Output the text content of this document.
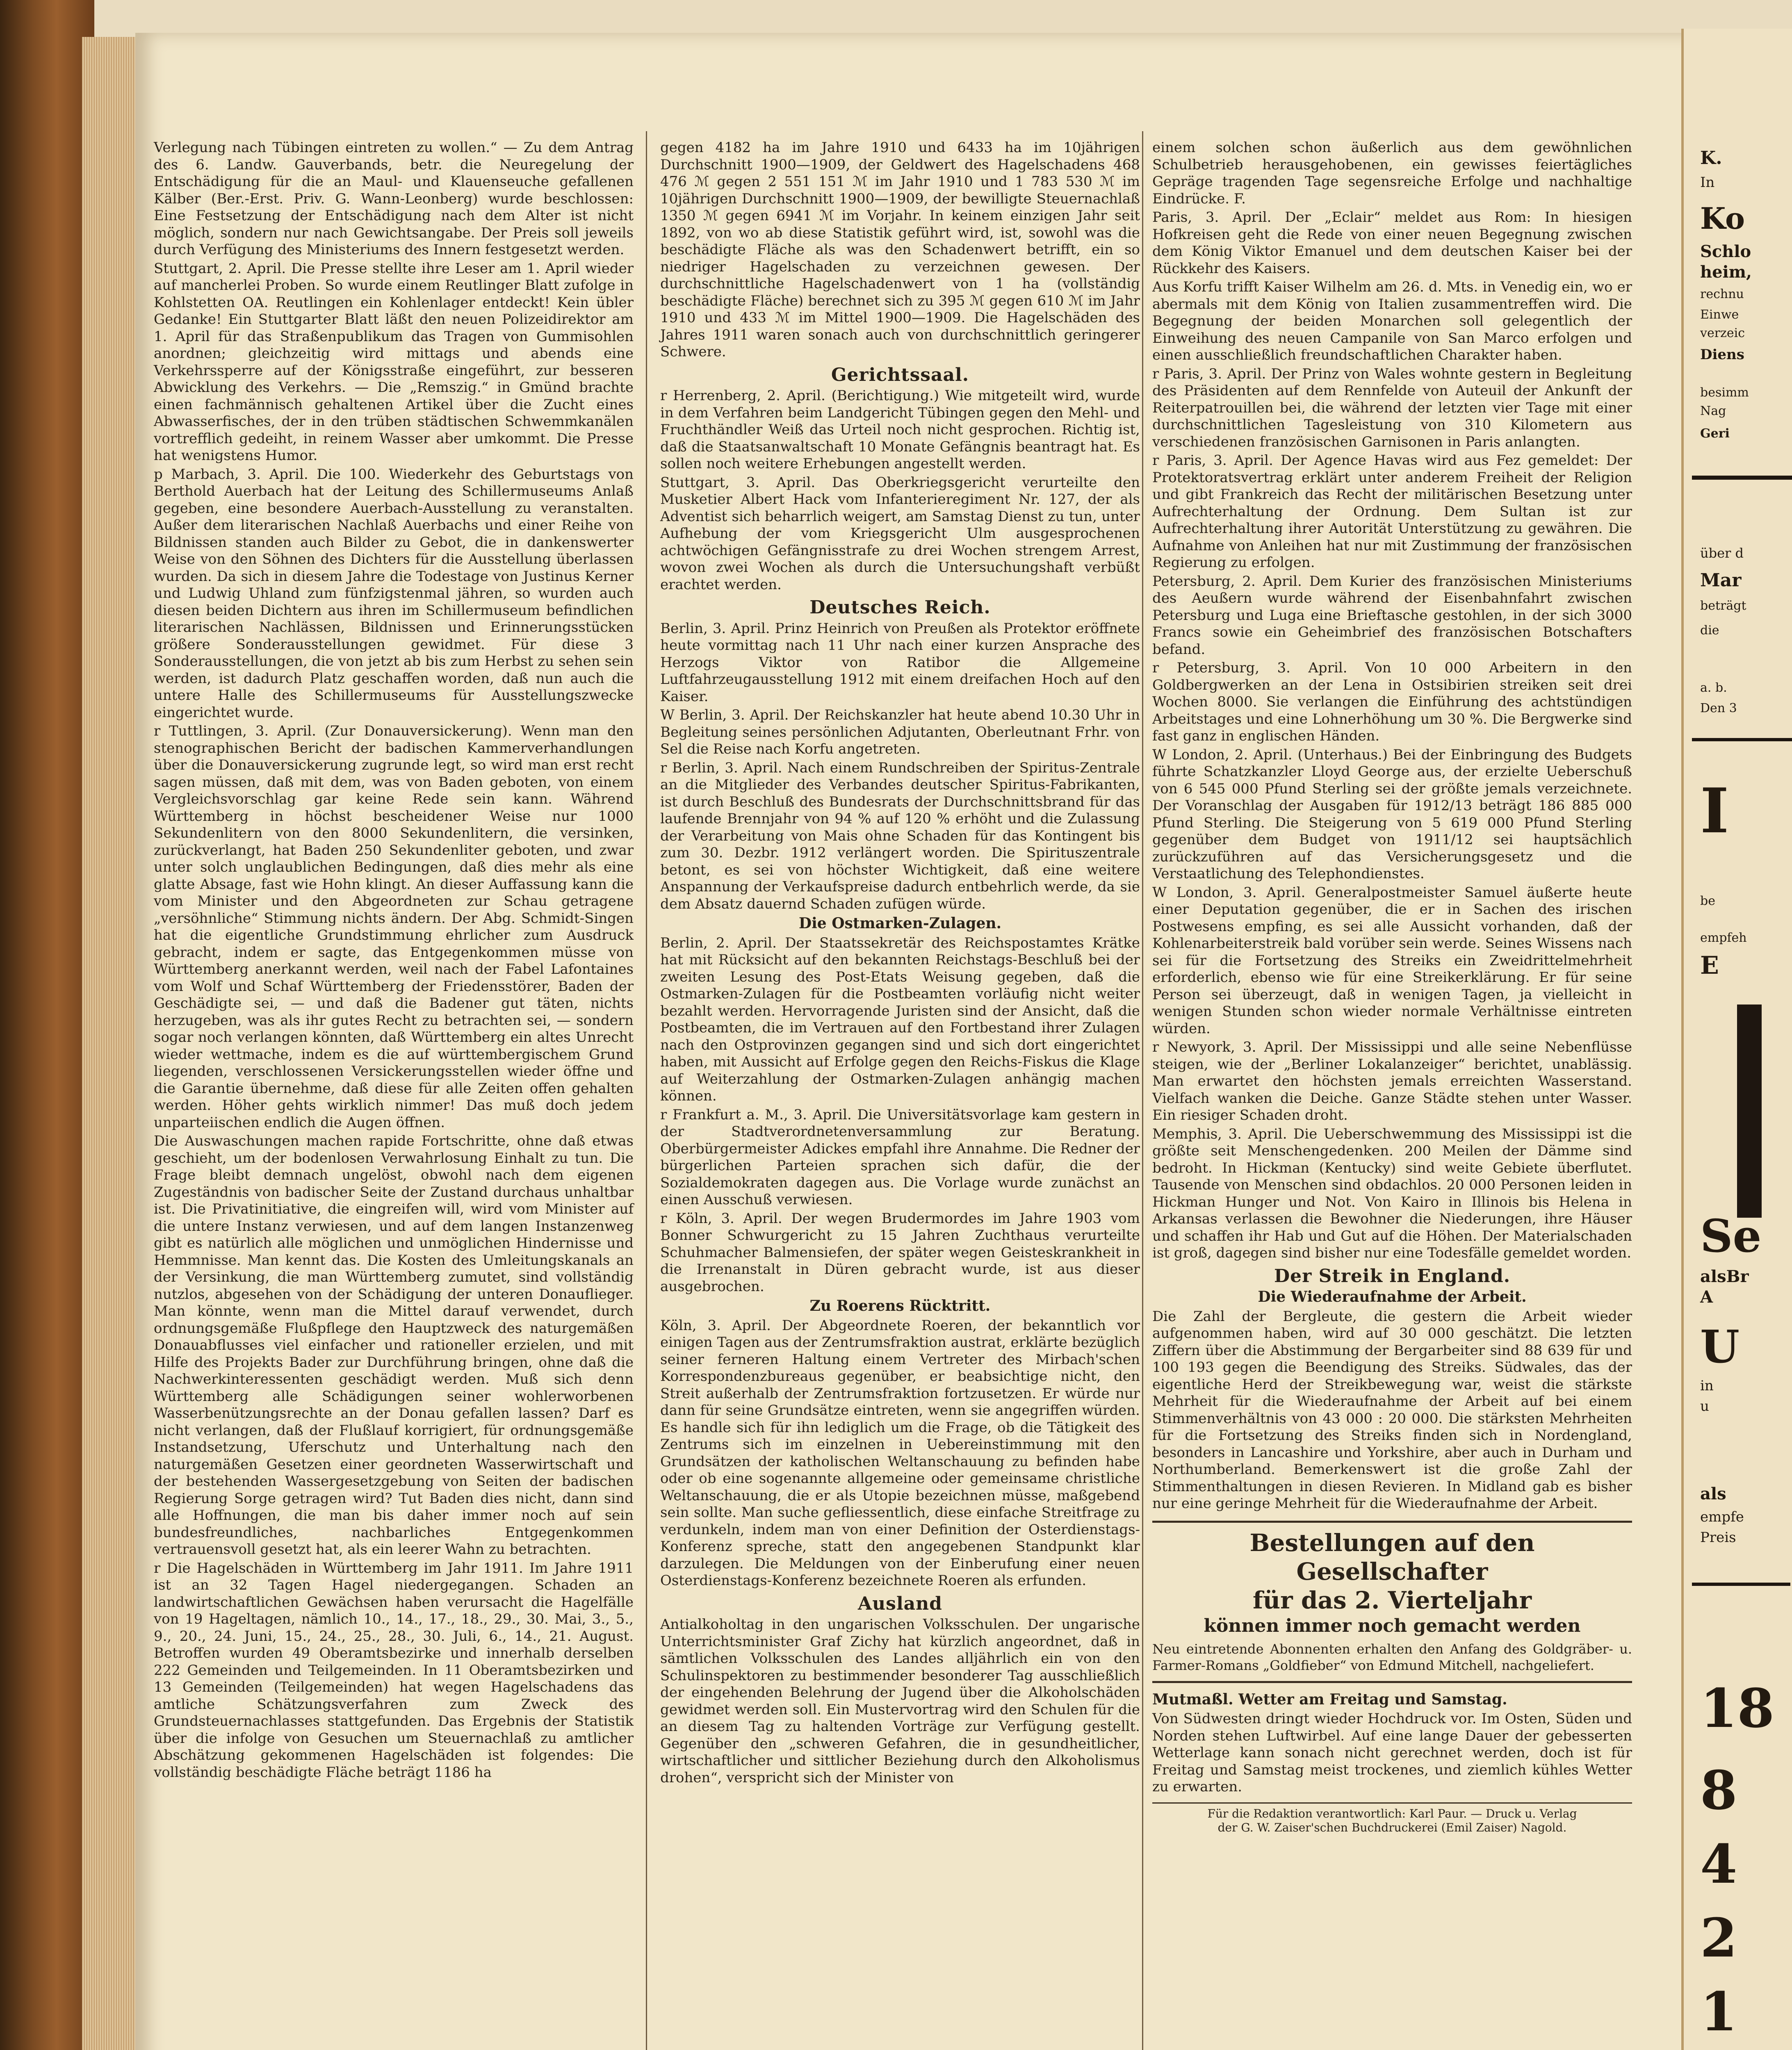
Verlegung nach Tübingen eintreten zu wollen.“ — Zu dem Antrag des 6. Landw. Gauverbands, betr. die Neuregelung der Entschädigung für die an Maul- und Klauenseuche gefallenen Kälber (Ber.-Erst. Priv. G. Wann-Leonberg) wurde beschlossen: Eine Festsetzung der Entschädigung nach dem Alter ist nicht möglich, sondern nur nach Gewichtsangabe. Der Preis soll jeweils durch Verfügung des Ministeriums des Innern festgesetzt werden.

Stuttgart, 2. April. Die Presse stellte ihre Leser am 1. April wieder auf mancherlei Proben. So wurde einem Reutlinger Blatt zufolge in Kohlstetten OA. Reutlingen ein Kohlenlager entdeckt! Kein übler Gedanke! Ein Stuttgarter Blatt läßt den neuen Polizeidirektor am 1. April für das Straßenpublikum das Tragen von Gummisohlen anordnen; gleichzeitig wird mittags und abends eine Verkehrssperre auf der Königsstraße eingeführt, zur besseren Abwicklung des Verkehrs. — Die „Remszig.“ in Gmünd brachte einen fachmännisch gehaltenen Artikel über die Zucht eines Abwasserfisches, der in den trüben städtischen Schwemmkanälen vortrefflich gedeiht, in reinem Wasser aber umkommt. Die Presse hat wenigstens Humor.

p Marbach, 3. April. Die 100. Wiederkehr des Geburtstags von Berthold Auerbach hat der Leitung des Schillermuseums Anlaß gegeben, eine besondere Auerbach-Ausstellung zu veranstalten. Außer dem literarischen Nachlaß Auerbachs und einer Reihe von Bildnissen standen auch Bilder zu Gebot, die in dankenswerter Weise von den Söhnen des Dichters für die Ausstellung überlassen wurden. Da sich in diesem Jahre die Todestage von Justinus Kerner und Ludwig Uhland zum fünfzigstenmal jähren, so wurden auch diesen beiden Dichtern aus ihren im Schillermuseum befindlichen literarischen Nachlässen, Bildnissen und Erinnerungsstücken größere Sonderausstellungen gewidmet. Für diese 3 Sonderausstellungen, die von jetzt ab bis zum Herbst zu sehen sein werden, ist dadurch Platz geschaffen worden, daß nun auch die untere Halle des Schillermuseums für Ausstellungszwecke eingerichtet wurde.

r Tuttlingen, 3. April. (Zur Donauversickerung). Wenn man den stenographischen Bericht der badischen Kammerverhandlungen über die Donauversickerung zugrunde legt, so wird man erst recht sagen müssen, daß mit dem, was von Baden geboten, von einem Vergleichsvorschlag gar keine Rede sein kann. Während Württemberg in höchst bescheidener Weise nur 1000 Sekundenlitern von den 8000 Sekundenlitern, die versinken, zurückverlangt, hat Baden 250 Sekundenliter geboten, und zwar unter solch unglaublichen Bedingungen, daß dies mehr als eine glatte Absage, fast wie Hohn klingt. An dieser Auffassung kann die vom Minister und den Abgeordneten zur Schau getragene „versöhnliche“ Stimmung nichts ändern. Der Abg. Schmidt-Singen hat die eigentliche Grundstimmung ehrlicher zum Ausdruck gebracht, indem er sagte, das Entgegenkommen müsse von Württemberg anerkannt werden, weil nach der Fabel Lafontaines vom Wolf und Schaf Württemberg der Friedensstörer, Baden der Geschädigte sei, — und daß die Badener gut täten, nichts herzugeben, was als ihr gutes Recht zu betrachten sei, — sondern sogar noch verlangen könnten, daß Württemberg ein altes Unrecht wieder wettmache, indem es die auf württembergischem Grund liegenden, verschlossenen Versickerungsstellen wieder öffne und die Garantie übernehme, daß diese für alle Zeiten offen gehalten werden. Höher gehts wirklich nimmer! Das muß doch jedem unparteiischen endlich die Augen öffnen.

Die Auswaschungen machen rapide Fortschritte, ohne daß etwas geschieht, um der bodenlosen Verwahrlosung Einhalt zu tun. Die Frage bleibt demnach ungelöst, obwohl nach dem eigenen Zugeständnis von badischer Seite der Zustand durchaus unhaltbar ist. Die Privatinitiative, die eingreifen will, wird vom Minister auf die untere Instanz verwiesen, und auf dem langen Instanzenweg gibt es natürlich alle möglichen und unmöglichen Hindernisse und Hemmnisse. Man kennt das. Die Kosten des Umleitungskanals an der Versinkung, die man Württemberg zumutet, sind vollständig nutzlos, abgesehen von der Schädigung der unteren Donauflieger. Man könnte, wenn man die Mittel darauf verwendet, durch ordnungsgemäße Flußpflege den Hauptzweck des naturgemäßen Donauabflusses viel einfacher und rationeller erzielen, und mit Hilfe des Projekts Bader zur Durchführung bringen, ohne daß die Nachwerkinteressenten geschädigt werden. Muß sich denn Württemberg alle Schädigungen seiner wohlerworbenen Wasserbenützungsrechte an der Donau gefallen lassen? Darf es nicht verlangen, daß der Flußlauf korrigiert, für ordnungsgemäße Instandsetzung, Uferschutz und Unterhaltung nach den naturgemäßen Gesetzen einer geordneten Wasserwirtschaft und der bestehenden Wassergesetzgebung von Seiten der badischen Regierung Sorge getragen wird? Tut Baden dies nicht, dann sind alle Hoffnungen, die man bis daher immer noch auf sein bundesfreundliches, nachbarliches Entgegenkommen vertrauensvoll gesetzt hat, als ein leerer Wahn zu betrachten.

r Die Hagelschäden in Württemberg im Jahr 1911. Im Jahre 1911 ist an 32 Tagen Hagel niedergegangen. Schaden an landwirtschaftlichen Gewächsen haben verursacht die Hagelfälle von 19 Hageltagen, nämlich 10., 14., 17., 18., 29., 30. Mai, 3., 5., 9., 20., 24. Juni, 15., 24., 25., 28., 30. Juli, 6., 14., 21. August. Betroffen wurden 49 Oberamtsbezirke und innerhalb derselben 222 Gemeinden und Teilgemeinden. In 11 Oberamtsbezirken und 13 Gemeinden (Teilgemeinden) hat wegen Hagelschadens das amtliche Schätzungsverfahren zum Zweck des Grundsteuernachlasses stattgefunden. Das Ergebnis der Statistik über die infolge von Gesuchen um Steuernachlaß zu amtlicher Abschätzung gekommenen Hagelschäden ist folgendes: Die vollständig beschädigte Fläche beträgt 1186 ha

gegen 4182 ha im Jahre 1910 und 6433 ha im 10jährigen Durchschnitt 1900—1909, der Geldwert des Hagelschadens 468 476 ℳ gegen 2 551 151 ℳ im Jahr 1910 und 1 783 530 ℳ im 10jährigen Durchschnitt 1900—1909, der bewilligte Steuernachlaß 1350 ℳ gegen 6941 ℳ im Vorjahr. In keinem einzigen Jahr seit 1892, von wo ab diese Statistik geführt wird, ist, sowohl was die beschädigte Fläche als was den Schadenwert betrifft, ein so niedriger Hagelschaden zu verzeichnen gewesen. Der durchschnittliche Hagelschadenwert von 1 ha (vollständig beschädigte Fläche) berechnet sich zu 395 ℳ gegen 610 ℳ im Jahr 1910 und 433 ℳ im Mittel 1900—1909. Die Hagelschäden des Jahres 1911 waren sonach auch von durchschnittlich geringerer Schwere.

Gerichtssaal.

r Herrenberg, 2. April. (Berichtigung.) Wie mitgeteilt wird, wurde in dem Verfahren beim Landgericht Tübingen gegen den Mehl- und Fruchthändler Weiß das Urteil noch nicht gesprochen. Richtig ist, daß die Staatsanwaltschaft 10 Monate Gefängnis beantragt hat. Es sollen noch weitere Erhebungen angestellt werden.

Stuttgart, 3. April. Das Oberkriegsgericht verurteilte den Musketier Albert Hack vom Infanterieregiment Nr. 127, der als Adventist sich beharrlich weigert, am Samstag Dienst zu tun, unter Aufhebung der vom Kriegsgericht Ulm ausgesprochenen achtwöchigen Gefängnisstrafe zu drei Wochen strengem Arrest, wovon zwei Wochen als durch die Untersuchungshaft verbüßt erachtet werden.

Deutsches Reich.

Berlin, 3. April. Prinz Heinrich von Preußen als Protektor eröffnete heute vormittag nach 11 Uhr nach einer kurzen Ansprache des Herzogs Viktor von Ratibor die Allgemeine Luftfahrzeugausstellung 1912 mit einem dreifachen Hoch auf den Kaiser.

W Berlin, 3. April. Der Reichskanzler hat heute abend 10.30 Uhr in Begleitung seines persönlichen Adjutanten, Oberleutnant Frhr. von Sel die Reise nach Korfu angetreten.

r Berlin, 3. April. Nach einem Rundschreiben der Spiritus-Zentrale an die Mitglieder des Verbandes deutscher Spiritus-Fabrikanten, ist durch Beschluß des Bundesrats der Durchschnittsbrand für das laufende Brennjahr von 94 % auf 120 % erhöht und die Zulassung der Verarbeitung von Mais ohne Schaden für das Kontingent bis zum 30. Dezbr. 1912 verlängert worden. Die Spirituszentrale betont, es sei von höchster Wichtigkeit, daß eine weitere Anspannung der Verkaufspreise dadurch entbehrlich werde, da sie dem Absatz dauernd Schaden zufügen würde.

Die Ostmarken-Zulagen.

Berlin, 2. April. Der Staatssekretär des Reichspostamtes Krätke hat mit Rücksicht auf den bekannten Reichstags-Beschluß bei der zweiten Lesung des Post-Etats Weisung gegeben, daß die Ostmarken-Zulagen für die Postbeamten vorläufig nicht weiter bezahlt werden. Hervorragende Juristen sind der Ansicht, daß die Postbeamten, die im Vertrauen auf den Fortbestand ihrer Zulagen nach den Ostprovinzen gegangen sind und sich dort eingerichtet haben, mit Aussicht auf Erfolge gegen den Reichs-Fiskus die Klage auf Weiterzahlung der Ostmarken-Zulagen anhängig machen können.

r Frankfurt a. M., 3. April. Die Universitätsvorlage kam gestern in der Stadtverordnetenversammlung zur Beratung. Oberbürgermeister Adickes empfahl ihre Annahme. Die Redner der bürgerlichen Parteien sprachen sich dafür, die der Sozialdemokraten dagegen aus. Die Vorlage wurde zunächst an einen Ausschuß verwiesen.

r Köln, 3. April. Der wegen Brudermordes im Jahre 1903 vom Bonner Schwurgericht zu 15 Jahren Zuchthaus verurteilte Schuhmacher Balmensiefen, der später wegen Geisteskrankheit in die Irrenanstalt in Düren gebracht wurde, ist aus dieser ausgebrochen.

Zu Roerens Rücktritt.

Köln, 3. April. Der Abgeordnete Roeren, der bekanntlich vor einigen Tagen aus der Zentrumsfraktion austrat, erklärte bezüglich seiner ferneren Haltung einem Vertreter des Mirbach'schen Korrespondenzbureaus gegenüber, er beabsichtige nicht, den Streit außerhalb der Zentrumsfraktion fortzusetzen. Er würde nur dann für seine Grundsätze eintreten, wenn sie angegriffen würden. Es handle sich für ihn lediglich um die Frage, ob die Tätigkeit des Zentrums sich im einzelnen in Uebereinstimmung mit den Grundsätzen der katholischen Weltanschauung zu befinden habe oder ob eine sogenannte allgemeine oder gemeinsame christliche Weltanschauung, die er als Utopie bezeichnen müsse, maßgebend sein sollte. Man suche gefliessentlich, diese einfache Streitfrage zu verdunkeln, indem man von einer Definition der Osterdienstags-Konferenz spreche, statt den angegebenen Standpunkt klar darzulegen. Die Meldungen von der Einberufung einer neuen Osterdienstags-Konferenz bezeichnete Roeren als erfunden.

Ausland

Antialkoholtag in den ungarischen Volksschulen. Der ungarische Unterrichtsminister Graf Zichy hat kürzlich angeordnet, daß in sämtlichen Volksschulen des Landes alljährlich ein von den Schulinspektoren zu bestimmender besonderer Tag ausschließlich der eingehenden Belehrung der Jugend über die Alkoholschäden gewidmet werden soll. Ein Mustervortrag wird den Schulen für die an diesem Tag zu haltenden Vorträge zur Verfügung gestellt. Gegenüber den „schweren Gefahren, die in gesundheitlicher, wirtschaftlicher und sittlicher Beziehung durch den Alkoholismus drohen“, verspricht sich der Minister von

einem solchen schon äußerlich aus dem gewöhnlichen Schulbetrieb herausgehobenen, ein gewisses feiertägliches Gepräge tragenden Tage segensreiche Erfolge und nachhaltige Eindrücke. F.

Paris, 3. April. Der „Eclair“ meldet aus Rom: In hiesigen Hofkreisen geht die Rede von einer neuen Begegnung zwischen dem König Viktor Emanuel und dem deutschen Kaiser bei der Rückkehr des Kaisers.

Aus Korfu trifft Kaiser Wilhelm am 26. d. Mts. in Venedig ein, wo er abermals mit dem König von Italien zusammentreffen wird. Die Begegnung der beiden Monarchen soll gelegentlich der Einweihung des neuen Campanile von San Marco erfolgen und einen ausschließlich freundschaftlichen Charakter haben.

r Paris, 3. April. Der Prinz von Wales wohnte gestern in Begleitung des Präsidenten auf dem Rennfelde von Auteuil der Ankunft der Reiterpatrouillen bei, die während der letzten vier Tage mit einer durchschnittlichen Tagesleistung von 310 Kilometern aus verschiedenen französischen Garnisonen in Paris anlangten.

r Paris, 3. April. Der Agence Havas wird aus Fez gemeldet: Der Protektoratsvertrag erklärt unter anderem Freiheit der Religion und gibt Frankreich das Recht der militärischen Besetzung unter Aufrechterhaltung der Ordnung. Dem Sultan ist zur Aufrechterhaltung ihrer Autorität Unterstützung zu gewähren. Die Aufnahme von Anleihen hat nur mit Zustimmung der französischen Regierung zu erfolgen.

Petersburg, 2. April. Dem Kurier des französischen Ministeriums des Aeußern wurde während der Eisenbahnfahrt zwischen Petersburg und Luga eine Brieftasche gestohlen, in der sich 3000 Francs sowie ein Geheimbrief des französischen Botschafters befand.

r Petersburg, 3. April. Von 10 000 Arbeitern in den Goldbergwerken an der Lena in Ostsibirien streiken seit drei Wochen 8000. Sie verlangen die Einführung des achtstündigen Arbeitstages und eine Lohnerhöhung um 30 %. Die Bergwerke sind fast ganz in englischen Händen.

W London, 2. April. (Unterhaus.) Bei der Einbringung des Budgets führte Schatzkanzler Lloyd George aus, der erzielte Ueberschuß von 6 545 000 Pfund Sterling sei der größte jemals verzeichnete. Der Voranschlag der Ausgaben für 1912/13 beträgt 186 885 000 Pfund Sterling. Die Steigerung von 5 619 000 Pfund Sterling gegenüber dem Budget von 1911/12 sei hauptsächlich zurückzuführen auf das Versicherungsgesetz und die Verstaatlichung des Telephondienstes.

W London, 3. April. Generalpostmeister Samuel äußerte heute einer Deputation gegenüber, die er in Sachen des irischen Postwesens empfing, es sei alle Aussicht vorhanden, daß der Kohlenarbeiterstreik bald vorüber sein werde. Seines Wissens nach sei für die Fortsetzung des Streiks ein Zweidrittelmehrheit erforderlich, ebenso wie für eine Streikerklärung. Er für seine Person sei überzeugt, daß in wenigen Tagen, ja vielleicht in wenigen Stunden schon wieder normale Verhältnisse eintreten würden.

r Newyork, 3. April. Der Mississippi und alle seine Nebenflüsse steigen, wie der „Berliner Lokalanzeiger“ berichtet, unablässig. Man erwartet den höchsten jemals erreichten Wasserstand. Vielfach wanken die Deiche. Ganze Städte stehen unter Wasser. Ein riesiger Schaden droht.

Memphis, 3. April. Die Ueberschwemmung des Mississippi ist die größte seit Menschengedenken. 200 Meilen der Dämme sind bedroht. In Hickman (Kentucky) sind weite Gebiete überflutet. Tausende von Menschen sind obdachlos. 20 000 Personen leiden in Hickman Hunger und Not. Von Kairo in Illinois bis Helena in Arkansas verlassen die Bewohner die Niederungen, ihre Häuser und schaffen ihr Hab und Gut auf die Höhen. Der Materialschaden ist groß, dagegen sind bisher nur eine Todesfälle gemeldet worden.

Der Streik in England.
Die Wiederaufnahme der Arbeit.

Die Zahl der Bergleute, die gestern die Arbeit wieder aufgenommen haben, wird auf 30 000 geschätzt. Die letzten Ziffern über die Abstimmung der Bergarbeiter sind 88 639 für und 100 193 gegen die Beendigung des Streiks. Südwales, das der eigentliche Herd der Streikbewegung war, weist die stärkste Mehrheit für die Wiederaufnahme der Arbeit auf bei einem Stimmenverhältnis von 43 000 : 20 000. Die stärksten Mehrheiten für die Fortsetzung des Streiks finden sich in Nordengland, besonders in Lancashire und Yorkshire, aber auch in Durham und Northumberland. Bemerkenswert ist die große Zahl der Stimmenthaltungen in diesen Revieren. In Midland gab es bisher nur eine geringe Mehrheit für die Wiederaufnahme der Arbeit.

Bestellungen auf den Gesellschafter
für das 2. Vierteljahr
können immer noch gemacht werden

Neu eintretende Abonnenten erhalten den Anfang des Goldgräber- u. Farmer-Romans „Goldfieber“ von Edmund Mitchell, nachgeliefert.

Mutmaßl. Wetter am Freitag und Samstag.

Von Südwesten dringt wieder Hochdruck vor. Im Osten, Süden und Norden stehen Luftwirbel. Auf eine lange Dauer der gebesserten Wetterlage kann sonach nicht gerechnet werden, doch ist für Freitag und Samstag meist trockenes, und ziemlich kühles Wetter zu erwarten.

Für die Redaktion verantwortlich: Karl Paur. — Druck u. Verlag
der G. W. Zaiser'schen Buchdruckerei (Emil Zaiser) Nagold.
K.
In
Ko
Schlo
heim,
rechnu
Einwe
verzeic
Diens
besimm
Nag
Geri
über d
Mar
beträgt
die
a. b.
Den 3
I
be
empfeh
E
Se
alsBr
A
U
in
u
als
empfe
Preis
18
8
4
2
1
